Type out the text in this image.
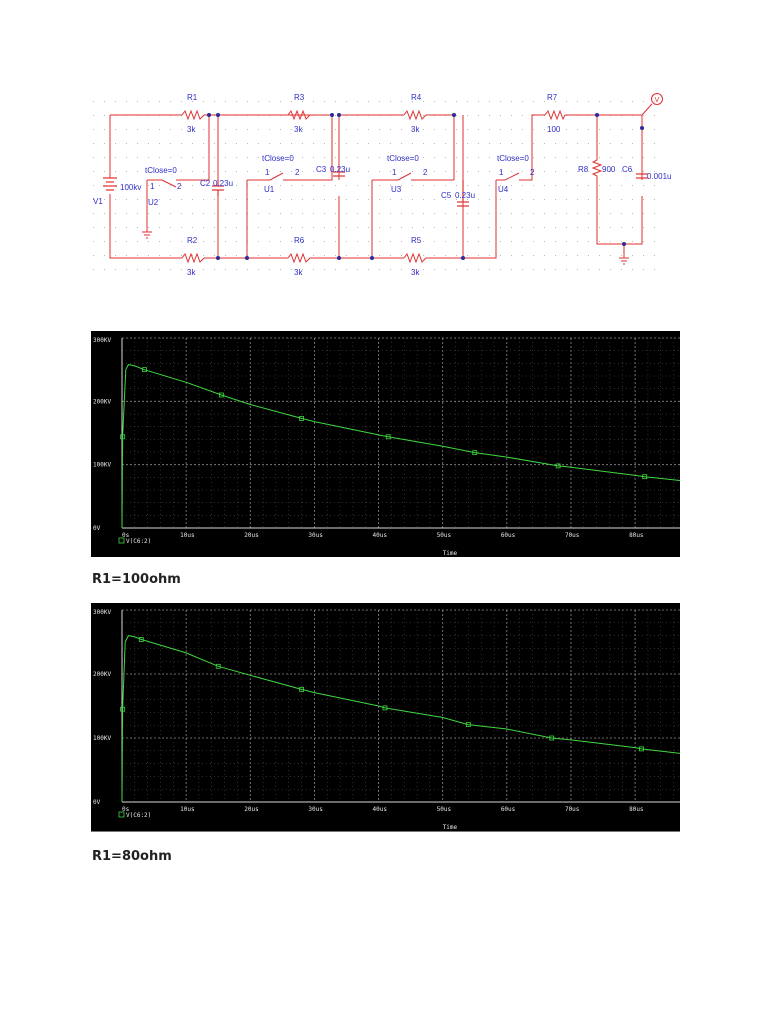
V
R1
3k
R3
3k
R4
3k
R7
100
R2
3k
R6
3k
R5
3k
R8 900
C2 0.23u
C3 0.23u
C5 0.23u
C6
0.001u
V1
100kv
tClose=0
1	2
U2
tClose=0
1	2
U1
tClose=0
1	2
U3
tClose=0
1	2
U4
0s	10us	20us	30us	40us	50us	60us	70us	80us
0V
100KV
200KV
300KV
Time
V(C6:2)
R1=100ohm
0s	10us	20us	30us	40us	50us	60us	70us	80us
0V
100KV
200KV
300KV
Time
V(C6:2)
R1=80ohm
